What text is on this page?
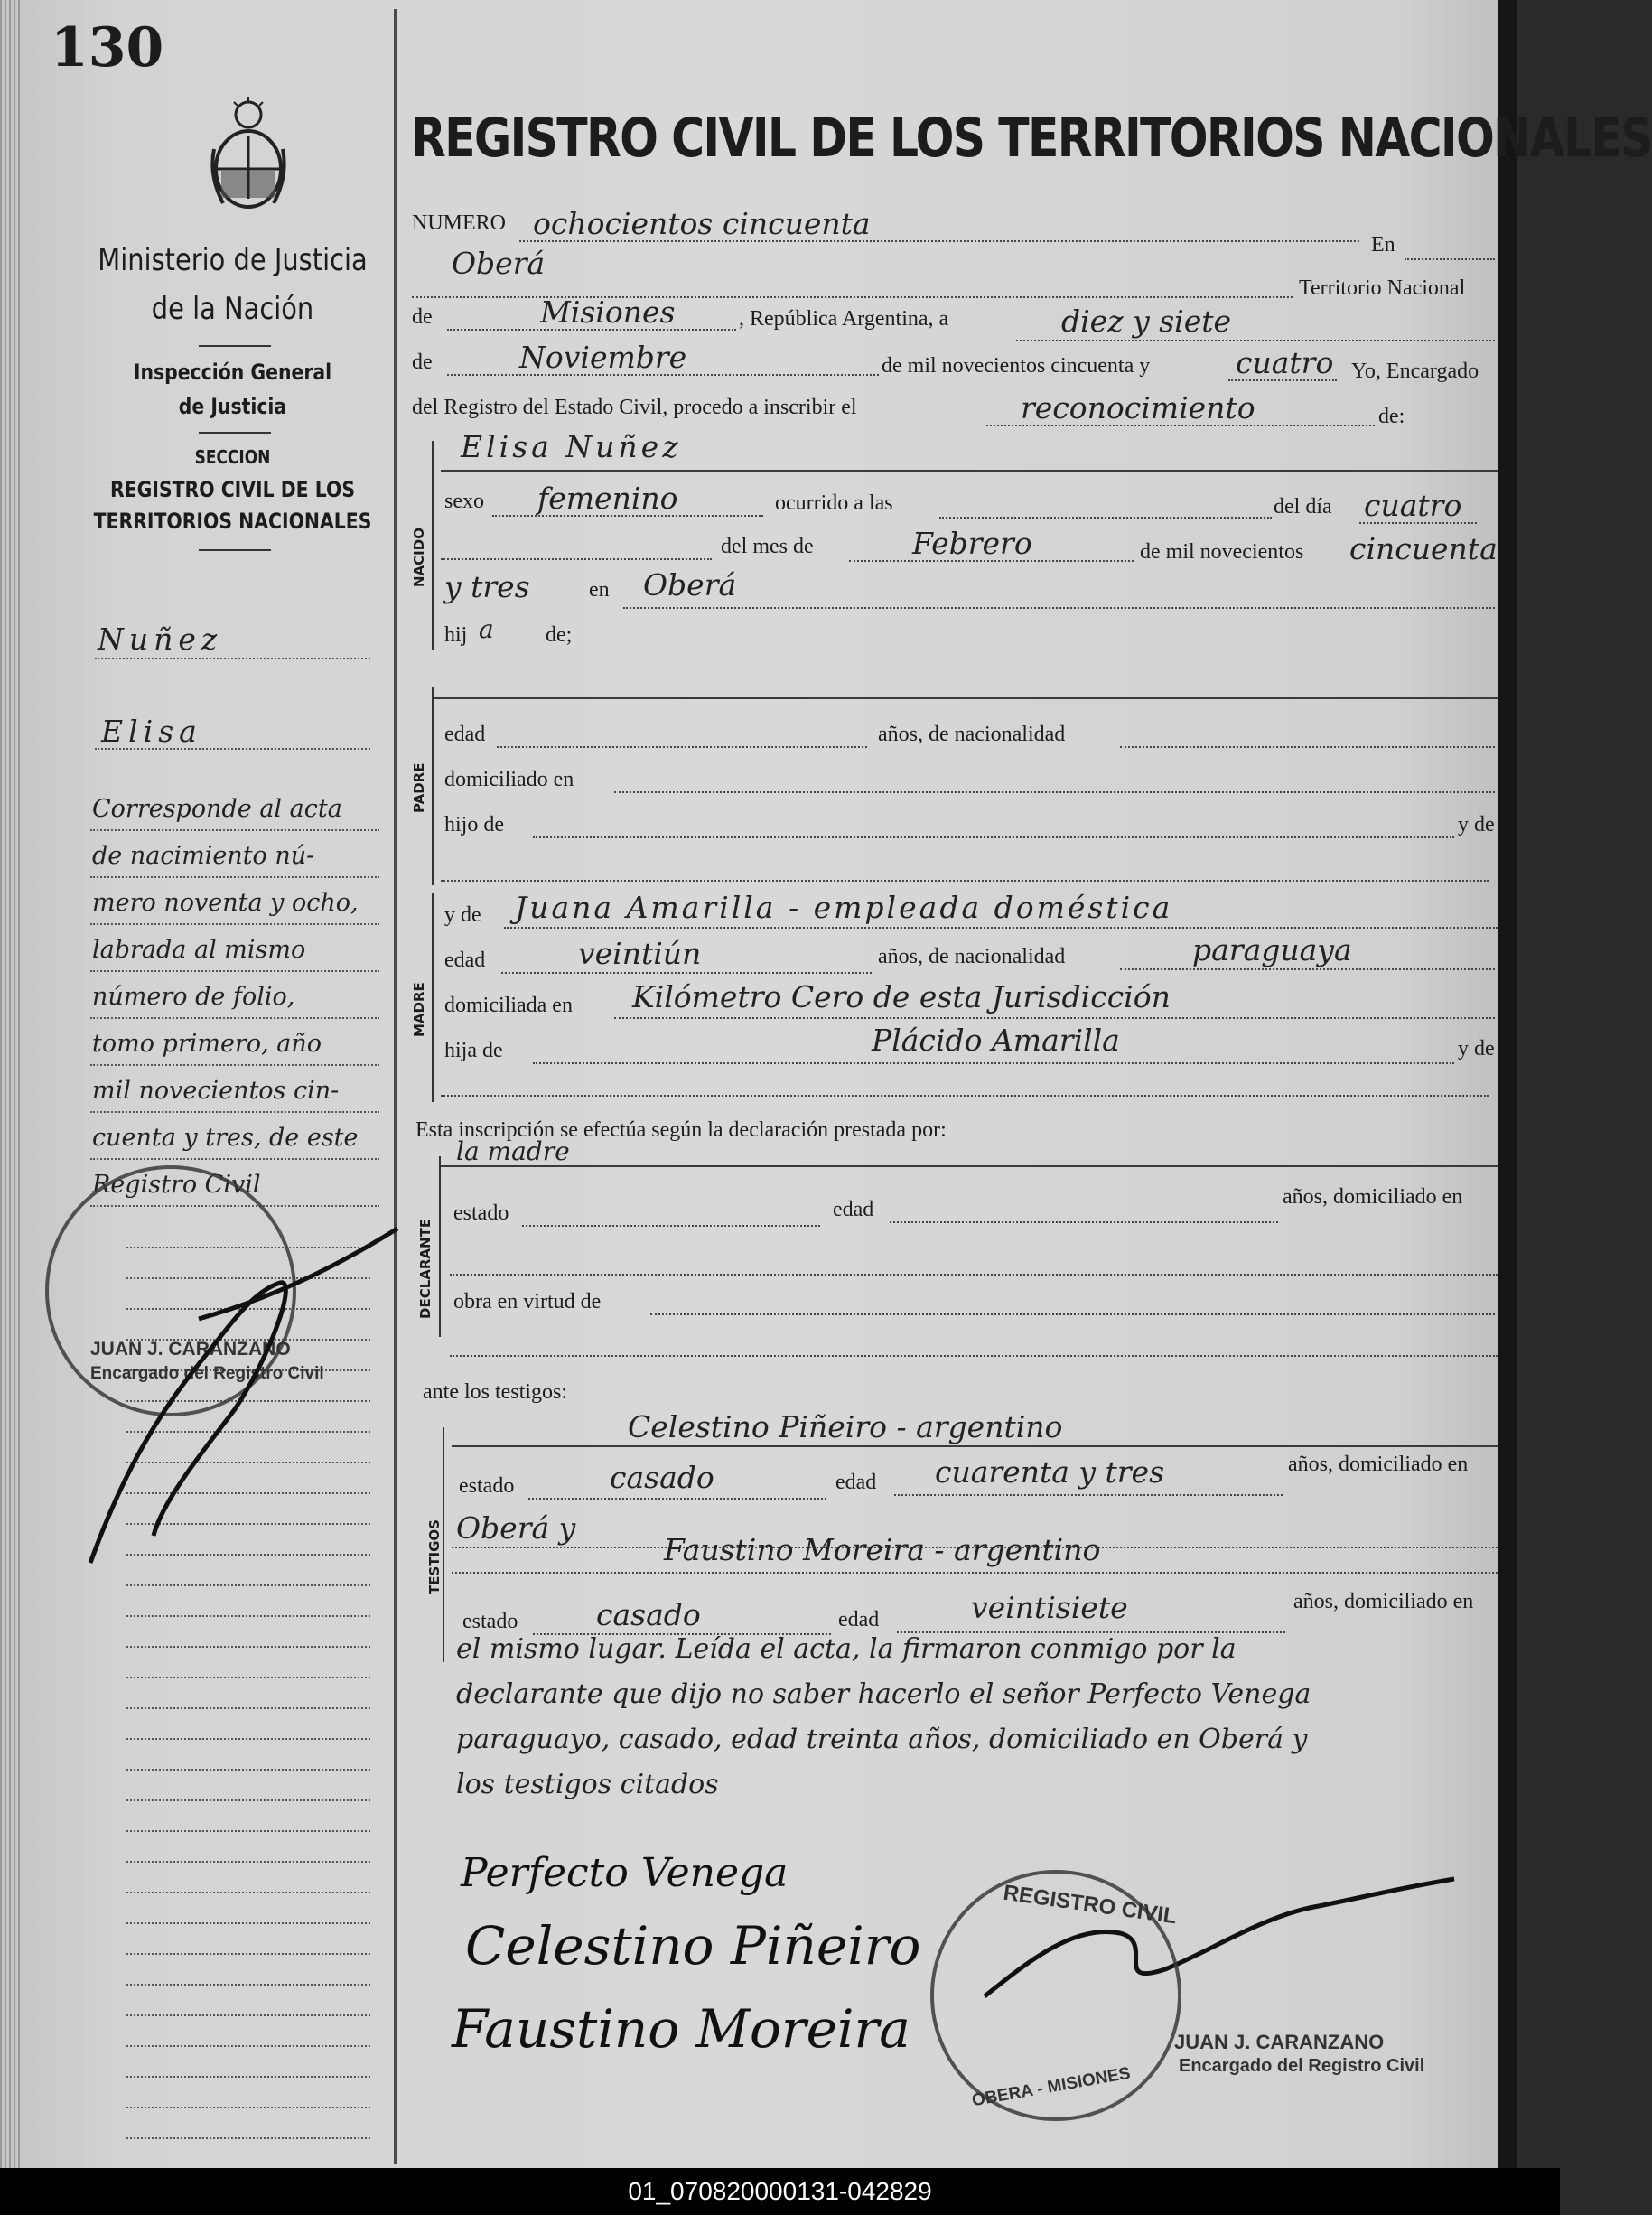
130
Ministerio de Justicia
de la Nación
Inspección General
de Justicia
SECCION
REGISTRO CIVIL DE LOS
TERRITORIOS NACIONALES
Nuñez
Elisa
Corresponde al acta
de nacimiento nú-
mero noventa y ocho,
labrada al mismo
número de folio,
tomo primero, año
mil novecientos cin-
cuenta y tres, de este
Registro Civil
JUAN J. CARANZANO
Encargado del Registro Civil
REGISTRO CIVIL DE LOS TERRITORIOS NACIONALES
NUMERO ochocientos cincuenta
En
Oberá
Territorio Nacional
de	Misiones	, República Argentina, a	diez y siete
de	Noviembre	de mil novecientos cincuenta y	cuatro Yo, Encargado
del Registro del Estado Civil, procedo a inscribir el	reconocimiento	de:
NACIDO
Elisa Nuñez
sexo femenino	ocurrido a las	del día cuatro
del mes de	Febrero	de mil novecientos cincuenta
y tres	en Oberá
hij a de;
PADRE
edad	años, de nacionalidad
domiciliado en
hijo de	y de
MADRE
y de Juana Amarilla - empleada doméstica
edad	veintiún	años, de nacionalidad	paraguaya
domiciliada en Kilómetro Cero de esta Jurisdicción
hija de	Plácido Amarilla	y de
Esta inscripción se efectúa según la declaración prestada por:
la madre
DECLARANTE
estado	edad
años, domiciliado en
obra en virtud de
ante los testigos:
TESTIGOS
Celestino Piñeiro - argentino
estado	casado	edad cuarenta y tres	años, domiciliado en
Oberá y
Faustino Moreira - argentino
estado	casado	edad	veintisiete	años, domiciliado en
el mismo lugar. Leída el acta, la firmaron conmigo por la
declarante que dijo no saber hacerlo el señor Perfecto Venega
paraguayo, casado, edad treinta años, domiciliado en Oberá y
los testigos citados
Perfecto Venega
Celestino Piñeiro
Faustino Moreira
REGISTRO CIVIL
OBERA - MISIONES
JUAN J. CARANZANO
Encargado del Registro Civil
01_070820000131-042829
